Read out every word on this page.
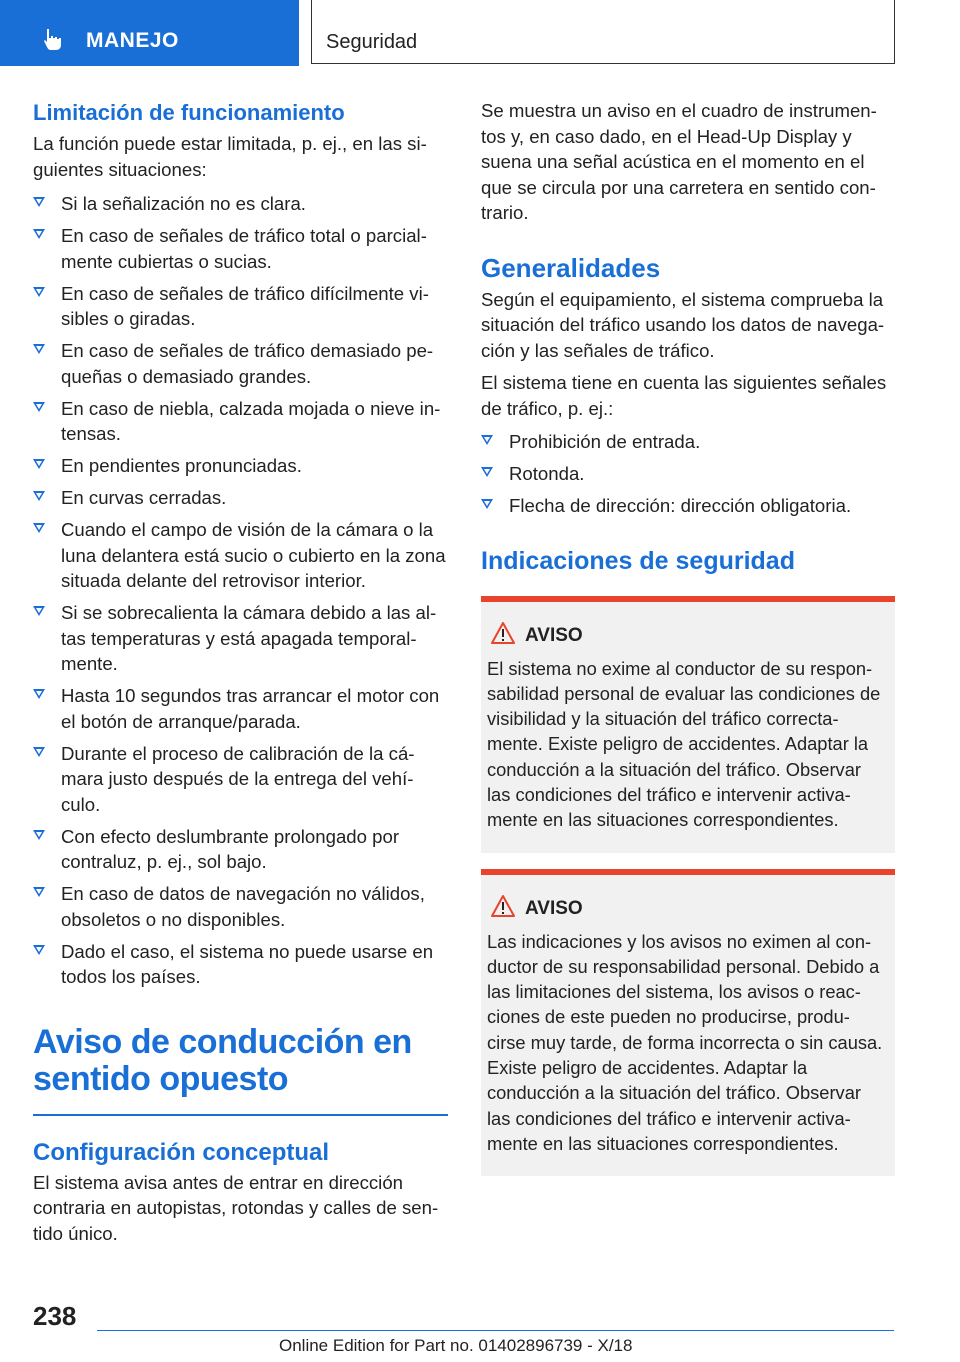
MANEJO	Seguridad
Limitación de funcionamiento

La función puede estar limitada, p. ej., en las si-guientes situaciones:

Si la señalización no es clara.
En caso de señales de tráfico total o parcial-mente cubiertas o sucias.
En caso de señales de tráfico difícilmente vi-sibles o giradas.
En caso de señales de tráfico demasiado pe-queñas o demasiado grandes.
En caso de niebla, calzada mojada o nieve in-tensas.
En pendientes pronunciadas.
En curvas cerradas.
Cuando el campo de visión de la cámara o la luna delantera está sucio o cubierto en la zona situada delante del retrovisor interior.
Si se sobrecalienta la cámara debido a las al-tas temperaturas y está apagada temporal-mente.
Hasta 10 segundos tras arrancar el motor con el botón de arranque/parada.
Durante el proceso de calibración de la cá-mara justo después de la entrega del vehí-culo.
Con efecto deslumbrante prolongado por contraluz, p. ej., sol bajo.
En caso de datos de navegación no válidos, obsoletos o no disponibles.
Dado el caso, el sistema no puede usarse en todos los países.
Aviso de conducción en sentido opuesto
Configuración conceptual

El sistema avisa antes de entrar en dirección contraria en autopistas, rotondas y calles de sen-tido único.

Se muestra un aviso en el cuadro de instrumen-tos y, en caso dado, en el Head-Up Display y suena una señal acústica en el momento en el que se circula por una carretera en sentido con-trario.

Generalidades

Según el equipamiento, el sistema comprueba la situación del tráfico usando los datos de navega-ción y las señales de tráfico.

El sistema tiene en cuenta las siguientes señales de tráfico, p. ej.:

Prohibición de entrada.
Rotonda.
Flecha de dirección: dirección obligatoria.
Indicaciones de seguridad
AVISO

El sistema no exime al conductor de su respon-sabilidad personal de evaluar las condiciones de visibilidad y la situación del tráfico correcta-mente. Existe peligro de accidentes. Adaptar la conducción a la situación del tráfico. Observar las condiciones del tráfico e intervenir activa-mente en las situaciones correspondientes.

AVISO

Las indicaciones y los avisos no eximen al con-ductor de su responsabilidad personal. Debido a las limitaciones del sistema, los avisos o reac-ciones de este pueden no producirse, produ-cirse muy tarde, de forma incorrecta o sin causa. Existe peligro de accidentes. Adaptar la conducción a la situación del tráfico. Observar las condiciones del tráfico e intervenir activa-mente en las situaciones correspondientes.

238
Online Edition for Part no. 01402896739 - X/18
